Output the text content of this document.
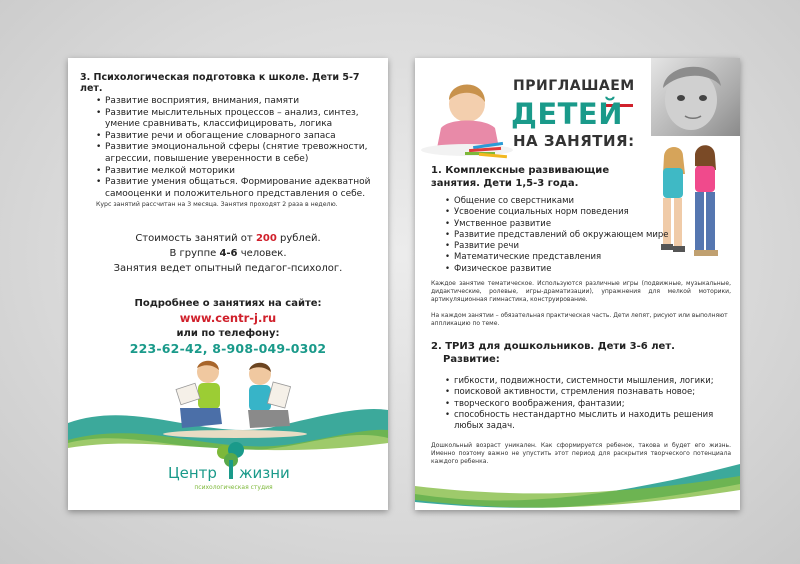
3. Психологическая подготовка к школе. Дети 5-7 лет.
• Развитие восприятия, внимания, памяти
• Развитие мыслительных процессов – анализ, синтез, умение сравнивать, классифицировать, логика
• Развитие речи и обогащение словарного запаса
• Развитие эмоциональной сферы (снятие тревожности, агрессии, повышение уверенности в себе)
• Развитие мелкой моторики
• Развитие умения общаться. Формирование адекватной самооценки и положительного представления о себе.
Курс занятий рассчитан на 3 месяца. Занятия проходят 2 раза в неделю.
Стоимость занятий от 200 рублей.
В группе 4-6 человек.
Занятия ведет опытный педагог-психолог.
Подробнее о занятиях на сайте:
www.centr-j.ru
или по телефону:
223-62-42, 8-908-049-0302
Центр жизни
психологическая студия
ПРИГЛАШАЕМ
ДЕТЕЙ
НА ЗАНЯТИЯ:
1. Комплексные развивающие занятия. Дети 1,5-3 года.
• Общение со сверстниками
• Усвоение социальных норм поведения
• Умственное развитие
• Развитие представлений об окружающем мире
• Развитие речи
• Математические представления
• Физическое развитие
Каждое занятие тематическое. Используются различные игры (подвижные, музыкальные, дидактические, ролевые, игры-драматизации), упражнения для мелкой моторики, артикуляционная гимнастика, конструирование.
На каждом занятии – обязательная практическая часть. Дети лепят, рисуют или выполняют аппликацию по теме.
2. ТРИЗ для дошкольников. Дети 3-6 лет.
Развитие:
• гибкости, подвижности, системности мышления, логики;
• поисковой активности, стремления познавать новое;
• творческого воображения, фантазии;
• способность нестандартно мыслить и находить решения любых задач.
Дошкольный возраст уникален. Как сформируется ребенок, такова и будет его жизнь. Именно поэтому важно не упустить этот период для раскрытия творческого потенциала каждого ребенка.
